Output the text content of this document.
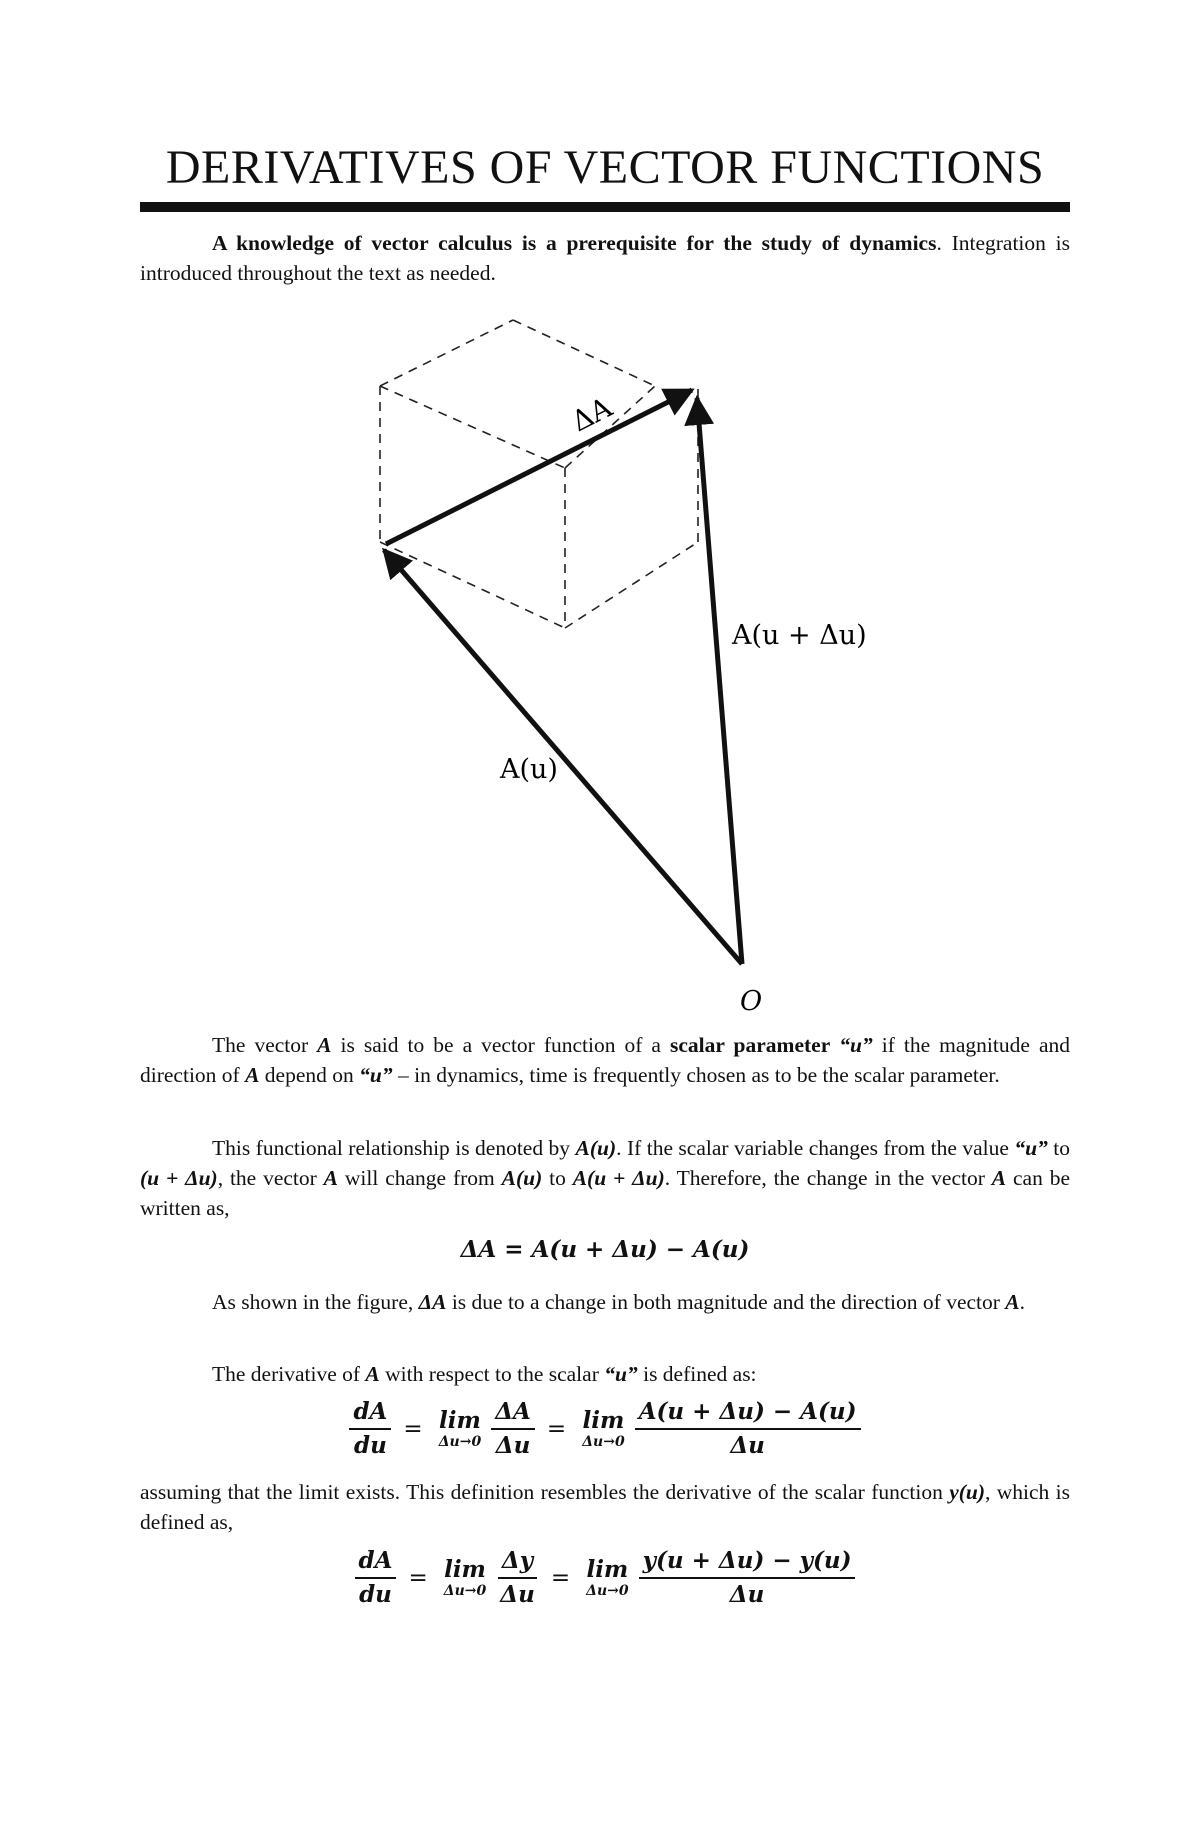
DERIVATIVES OF VECTOR FUNCTIONS

A knowledge of vector calculus is a prerequisite for the study of dynamics. Integration is introduced throughout the text as needed.

ΔA
A(u + Δu)
A(u)
O

The vector A is said to be a vector function of a scalar parameter “u” if the magnitude and direction of A depend on “u” – in dynamics, time is frequently chosen as to be the scalar parameter.

This functional relationship is denoted by A(u). If the scalar variable changes from the value “u” to (u + Δu), the vector A will change from A(u) to A(u + Δu). Therefore, the change in the vector A can be written as,

ΔA = A(u + Δu) − A(u)

As shown in the figure, ΔA is due to a change in both magnitude and the direction of vector A.

The derivative of A with respect to the scalar “u” is defined as:

$\frac{dA}{du} = \lim$
$\Delta u\to 0 \frac{\Delta A}{\Delta u} = \lim$
$\Delta u\to 0 \frac{A(u + \Delta u) - A(u)}{\Delta u}$

assuming that the limit exists. This definition resembles the derivative of the scalar function y(u), which is defined as,

$\frac{dA}{du} = \lim$
$\Delta u\to 0 \frac{\Delta y}{\Delta u} = \lim$
$\Delta u\to 0 \frac{y(u + \Delta u) - y(u)}{\Delta u}$
